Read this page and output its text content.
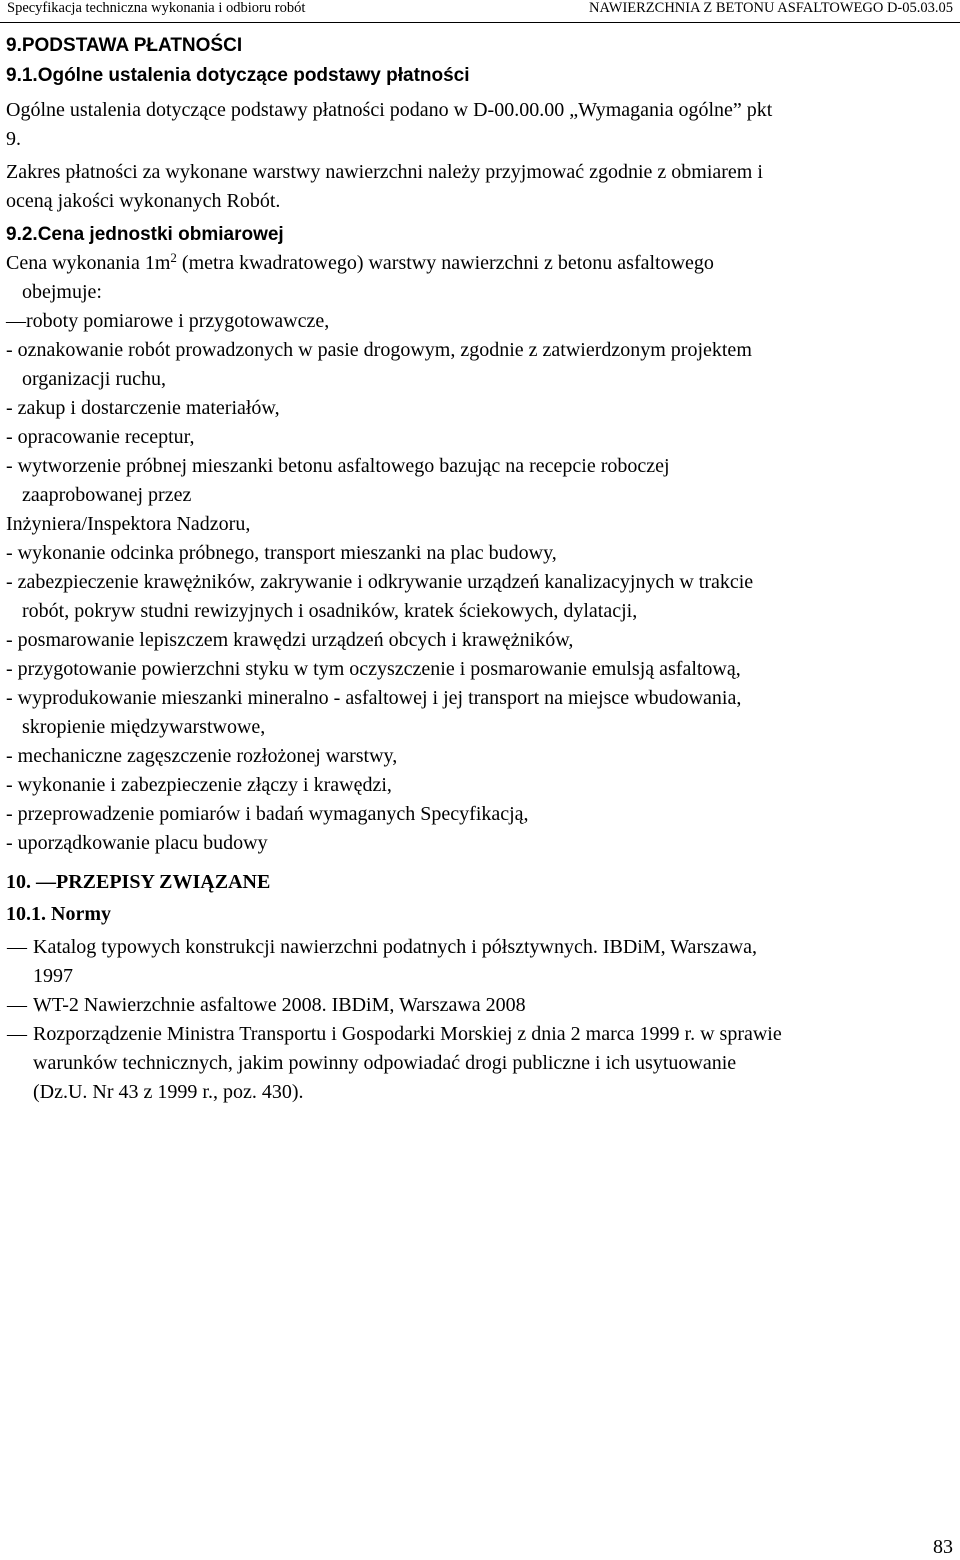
Specyfikacja techniczna wykonania i odbioru robót	NAWIERZCHNIA Z BETONU ASFALTOWEGO D-05.03.05

9.PODSTAWA PŁATNOŚCI

9.1.Ogólne ustalenia dotyczące podstawy płatności

Ogólne ustalenia dotyczące podstawy płatności podano w D-00.00.00 „Wymagania ogólne” pkt
9.
Zakres płatności za wykonane warstwy nawierzchni należy przyjmować zgodnie z obmiarem i
oceną jakości wykonanych Robót.

9.2.Cena jednostki obmiarowej

Cena wykonania $1m^2$ (metra kwadratowego) warstwy nawierzchni z betonu asfaltowego
obejmuje:
–– roboty pomiarowe i przygotowawcze,
- oznakowanie robót prowadzonych w pasie drogowym, zgodnie z zatwierdzonym projektem
organizacji ruchu,
- zakup i dostarczenie materiałów,
- opracowanie receptur,
- wytworzenie próbnej mieszanki betonu asfaltowego bazując na recepcie roboczej
zaaprobowanej przez
Inżyniera/Inspektora Nadzoru,
- wykonanie odcinka próbnego, transport mieszanki na plac budowy,
- zabezpieczenie krawężników, zakrywanie i odkrywanie urządzeń kanalizacyjnych w trakcie
robót, pokryw studni rewizyjnych i osadników, kratek ściekowych, dylatacji,
- posmarowanie lepiszczem krawędzi urządzeń obcych i krawężników,
- przygotowanie powierzchni styku w tym oczyszczenie i posmarowanie emulsją asfaltową,
- wyprodukowanie mieszanki mineralno - asfaltowej i jej transport na miejsce wbudowania,
skropienie międzywarstwowe,
- mechaniczne zagęszczenie rozłożonej warstwy,
- wykonanie i zabezpieczenie złączy i krawędzi,
- przeprowadzenie pomiarów i badań wymaganych Specyfikacją,
- uporządkowanie placu budowy

10. ––PRZEPISY ZWIĄZANE

10.1. Normy

–– Katalog typowych konstrukcji nawierzchni podatnych i półsztywnych. IBDiM, Warszawa,
1997
–– WT-2 Nawierzchnie asfaltowe 2008. IBDiM, Warszawa 2008
–– Rozporządzenie Ministra Transportu i Gospodarki Morskiej z dnia 2 marca 1999 r. w sprawie
warunków technicznych, jakim powinny odpowiadać drogi publiczne i ich usytuowanie
(Dz.U. Nr 43 z 1999 r., poz. 430).
83
